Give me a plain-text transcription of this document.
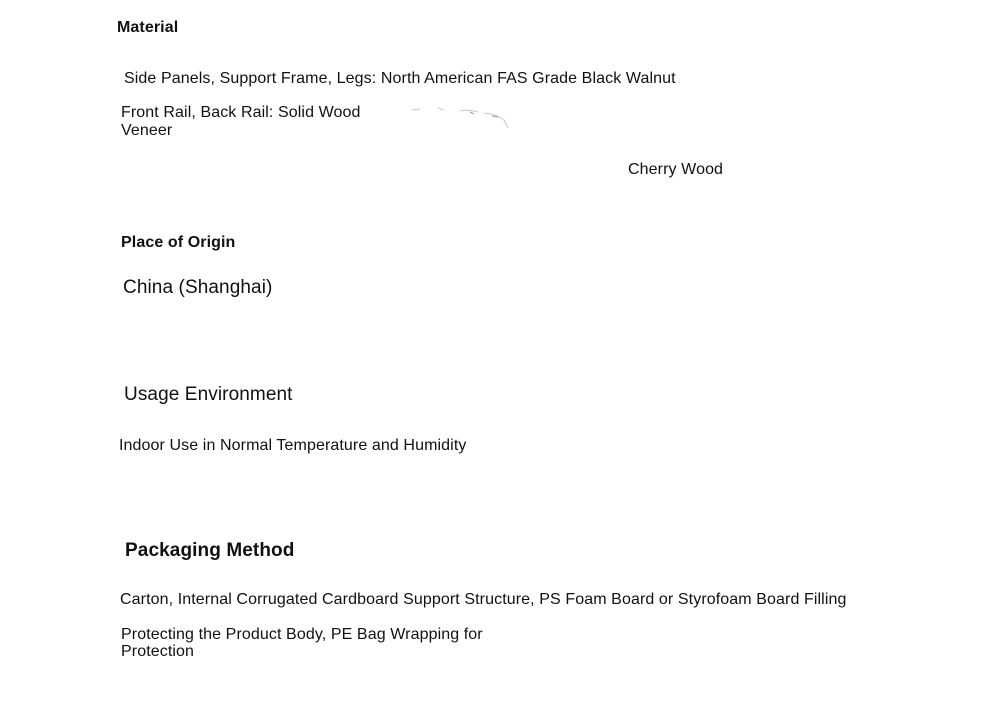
Material

Side Panels, Support Frame, Legs: North American FAS Grade Black Walnut

Front Rail, Back Rail: Solid Wood Veneer

Cherry Wood

Place of Origin

China (Shanghai)

Usage Environment

Indoor Use in Normal Temperature and Humidity

Packaging Method

Carton, Internal Corrugated Cardboard Support Structure, PS Foam Board or Styrofoam Board Filling

Protecting the Product Body, PE Bag Wrapping for Protection
